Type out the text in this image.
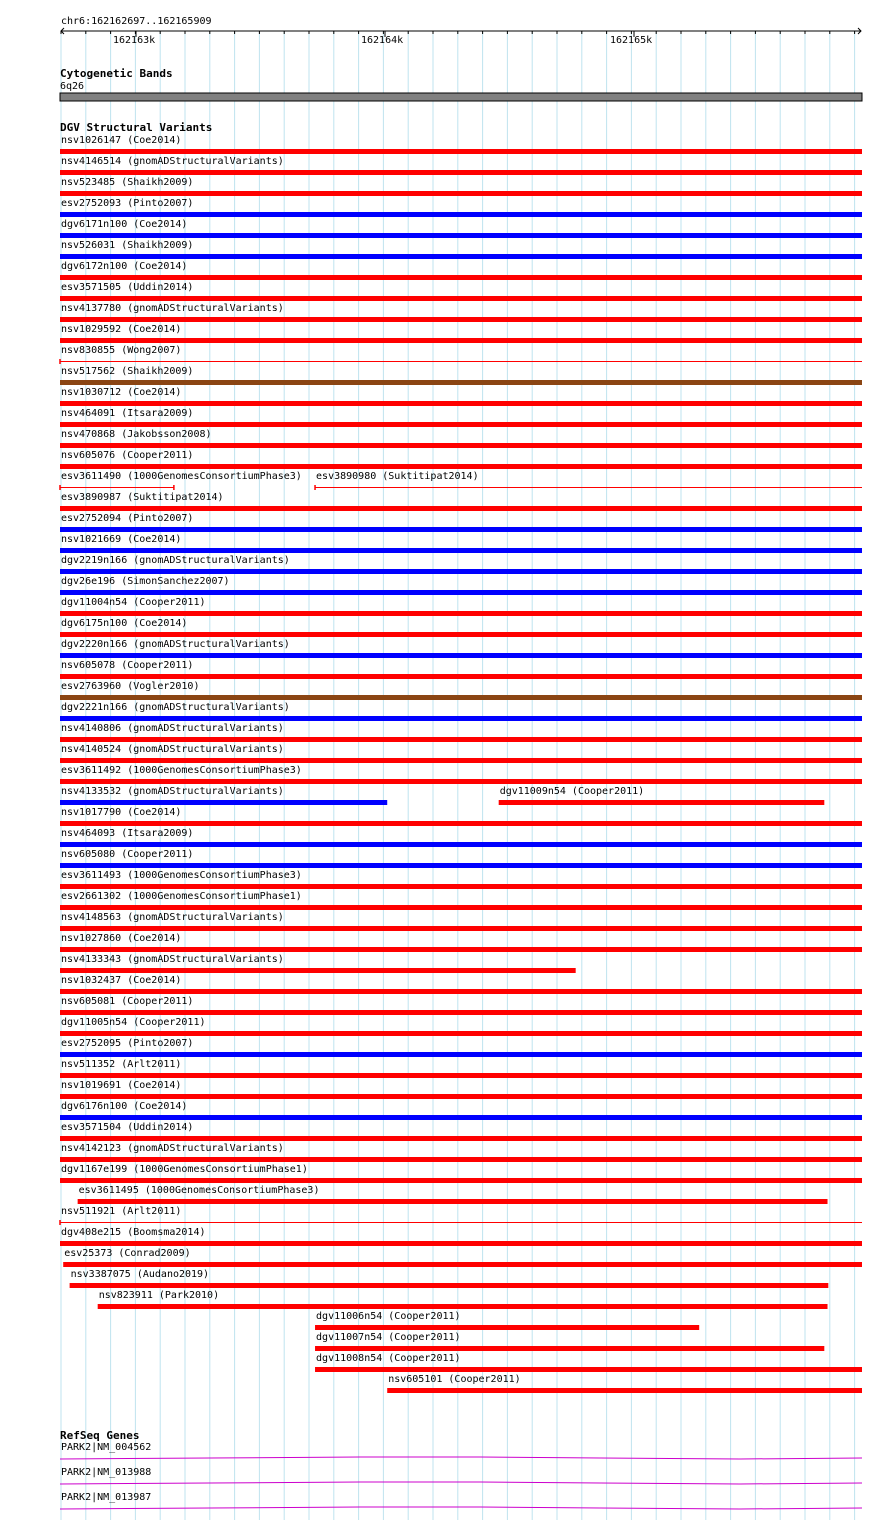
chr6:162162697..162165909
162163k	162164k	162165k
Cytogenetic Bands
6q26
DGV Structural Variants
nsv1026147 (Coe2014)
nsv4146514 (gnomADStructuralVariants)
nsv523485 (Shaikh2009)
esv2752093 (Pinto2007)
dgv6171n100 (Coe2014)
nsv526031 (Shaikh2009)
dgv6172n100 (Coe2014)
esv3571505 (Uddin2014)
nsv4137780 (gnomADStructuralVariants)
nsv1029592 (Coe2014)
nsv830855 (Wong2007)
nsv517562 (Shaikh2009)
nsv1030712 (Coe2014)
nsv464091 (Itsara2009)
nsv470868 (Jakobsson2008)
nsv605076 (Cooper2011)
esv3611490 (1000GenomesConsortiumPhase3) esv3890980 (Suktitipat2014)
esv3890987 (Suktitipat2014)
esv2752094 (Pinto2007)
nsv1021669 (Coe2014)
dgv2219n166 (gnomADStructuralVariants)
dgv26e196 (SimonSanchez2007)
dgv11004n54 (Cooper2011)
dgv6175n100 (Coe2014)
dgv2220n166 (gnomADStructuralVariants)
nsv605078 (Cooper2011)
esv2763960 (Vogler2010)
dgv2221n166 (gnomADStructuralVariants)
nsv4140806 (gnomADStructuralVariants)
nsv4140524 (gnomADStructuralVariants)
esv3611492 (1000GenomesConsortiumPhase3)
nsv4133532 (gnomADStructuralVariants)	dgv11009n54 (Cooper2011)
nsv1017790 (Coe2014)
nsv464093 (Itsara2009)
nsv605080 (Cooper2011)
esv3611493 (1000GenomesConsortiumPhase3)
esv2661302 (1000GenomesConsortiumPhase1)
nsv4148563 (gnomADStructuralVariants)
nsv1027860 (Coe2014)
nsv4133343 (gnomADStructuralVariants)
nsv1032437 (Coe2014)
nsv605081 (Cooper2011)
dgv11005n54 (Cooper2011)
esv2752095 (Pinto2007)
nsv511352 (Arlt2011)
nsv1019691 (Coe2014)
dgv6176n100 (Coe2014)
esv3571504 (Uddin2014)
nsv4142123 (gnomADStructuralVariants)
dgv1167e199 (1000GenomesConsortiumPhase1)
esv3611495 (1000GenomesConsortiumPhase3)
nsv511921 (Arlt2011)
dgv408e215 (Boomsma2014)
esv25373 (Conrad2009)
nsv3387075 (Audano2019)
nsv823911 (Park2010)
dgv11006n54 (Cooper2011)
dgv11007n54 (Cooper2011)
dgv11008n54 (Cooper2011)
nsv605101 (Cooper2011)
RefSeq Genes
PARK2|NM_004562
PARK2|NM_013988
PARK2|NM_013987
